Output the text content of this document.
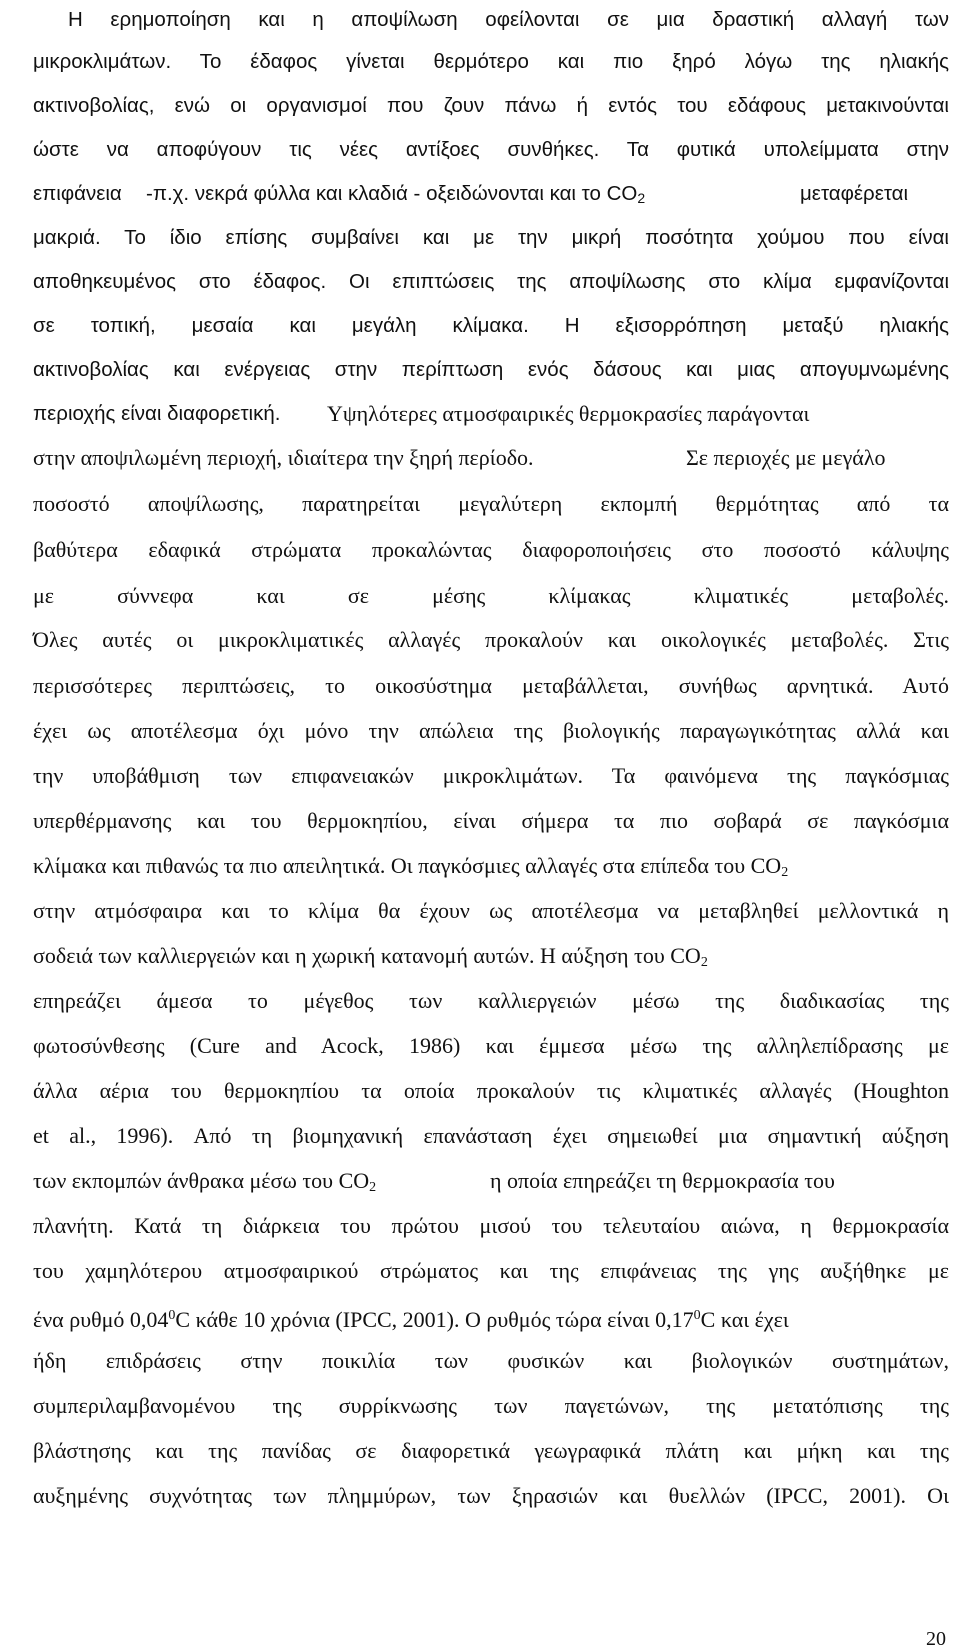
Η ερημοποίηση και η αποψίλωση οφείλονται σε μια δραστική αλλαγή των
μικροκλιμάτων. Το έδαφος γίνεται θερμότερο και πιο ξηρό λόγω της ηλιακής
ακτινοβολίας, ενώ οι οργανισμοί που ζουν πάνω ή εντός του εδάφους μετακινούνται
ώστε να αποφύγουν τις νέες αντίξοες συνθήκες. Τα φυτικά υπολείμματα στην
επιφάνεια -π.χ. νεκρά φύλλα και κλαδιά - οξειδώνονται και το $CO_2$	μεταφέρεται
μακριά. Το ίδιο επίσης συμβαίνει και με την μικρή ποσότητα χούμου που είναι
αποθηκευμένος στο έδαφος. Οι επιπτώσεις της αποψίλωσης στο κλίμα εμφανίζονται
σε τοπική, μεσαία και μεγάλη κλίμακα. Η εξισορρόπηση μεταξύ ηλιακής
ακτινοβολίας και ενέργειας στην περίπτωση ενός δάσους και μιας απογυμνωμένης
περιοχής είναι διαφορετική. Υψηλότερες ατμοσφαιρικές θερμοκρασίες παράγονται
στην αποψιλωμένη περιοχή, ιδιαίτερα την ξηρή περίοδο.	Σε περιοχές με μεγάλο
ποσοστό αποψίλωσης, παρατηρείται μεγαλύτερη εκπομπή θερμότητας από τα
βαθύτερα εδαφικά στρώματα προκαλώντας διαφοροποιήσεις στο ποσοστό κάλυψης
με σύννεφα και σε μέσης κλίμακας κλιματικές μεταβολές.
Όλες αυτές οι μικροκλιματικές αλλαγές προκαλούν και οικολογικές μεταβολές. Στις
περισσότερες περιπτώσεις, το οικοσύστημα μεταβάλλεται, συνήθως αρνητικά. Αυτό
έχει ως αποτέλεσμα όχι μόνο την απώλεια της βιολογικής παραγωγικότητας αλλά και
την υποβάθμιση των επιφανειακών μικροκλιμάτων. Τα φαινόμενα της παγκόσμιας
υπερθέρμανσης και του θερμοκηπίου, είναι σήμερα τα πιο σοβαρά σε παγκόσμια
κλίμακα και πιθανώς τα πιο απειλητικά. Οι παγκόσμιες αλλαγές στα επίπεδα του $CO_2$
στην ατμόσφαιρα και το κλίμα θα έχουν ως αποτέλεσμα να μεταβληθεί μελλοντικά η
σοδειά των καλλιεργειών και η χωρική κατανομή αυτών. Η αύξηση του $CO_2$
επηρεάζει άμεσα το μέγεθος των καλλιεργειών μέσω της διαδικασίας της
φωτοσύνθεσης (Cure and Acock, 1986) και έμμεσα μέσω της αλληλεπίδρασης με
άλλα αέρια του θερμοκηπίου τα οποία προκαλούν τις κλιματικές αλλαγές (Houghton
et al., 1996). Από τη βιομηχανική επανάσταση έχει σημειωθεί μια σημαντική αύξηση
των εκπομπών άνθρακα μέσω του $CO_2$	η οποία επηρεάζει τη θερμοκρασία του
πλανήτη. Κατά τη διάρκεια του πρώτου μισού του τελευταίου αιώνα, η θερμοκρασία
του χαμηλότερου ατμοσφαιρικού στρώματος και της επιφάνειας της γης αυξήθηκε με
ένα ρυθμό 0,04$^0$C κάθε 10 χρόνια (IPCC, 2001). Ο ρυθμός τώρα είναι 0,17$^0$C και έχει
ήδη επιδράσεις στην ποικιλία των φυσικών και βιολογικών συστημάτων,
συμπεριλαμβανομένου της συρρίκνωσης των παγετώνων, της μετατόπισης της
βλάστησης και της πανίδας σε διαφορετικά γεωγραφικά πλάτη και μήκη και της
αυξημένης συχνότητας των πλημμύρων, των ξηρασιών και θυελλών (IPCC, 2001). Οι
20
